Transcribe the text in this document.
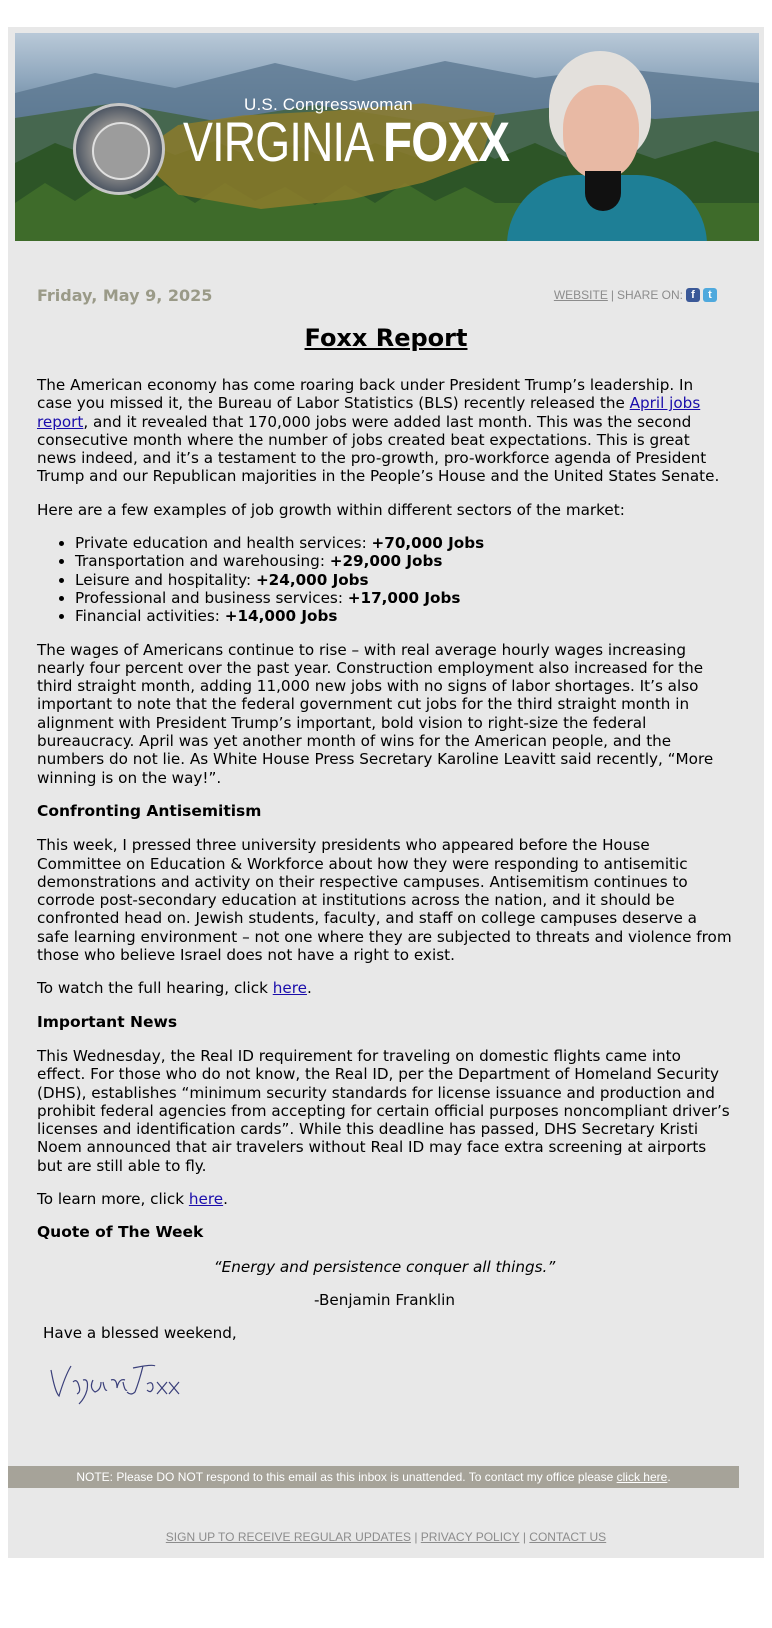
U.S. Congresswoman
VIRGINIA FOXX
Friday, May 9, 2025	WEBSITE | SHARE ON: f	t
Foxx Report

The American economy has come roaring back under President Trump’s leadership. In case you missed it, the Bureau of Labor Statistics (BLS) recently released the April jobs report, and it revealed that 170,000 jobs were added last month. This was the second consecutive month where the number of jobs created beat expectations. This is great news indeed, and it’s a testament to the pro-growth, pro-workforce agenda of President Trump and our Republican majorities in the People’s House and the United States Senate.

Here are a few examples of job growth within different sectors of the market:

• Private education and health services: +70,000 Jobs
• Transportation and warehousing: +29,000 Jobs
• Leisure and hospitality: +24,000 Jobs
• Professional and business services: +17,000 Jobs
• Financial activities: +14,000 Jobs

The wages of Americans continue to rise – with real average hourly wages increasing nearly four percent over the past year. Construction employment also increased for the third straight month, adding 11,000 new jobs with no signs of labor shortages. It’s also important to note that the federal government cut jobs for the third straight month in alignment with President Trump’s important, bold vision to right-size the federal bureaucracy. April was yet another month of wins for the American people, and the numbers do not lie. As White House Press Secretary Karoline Leavitt said recently, “More winning is on the way!”.

Confronting Antisemitism

This week, I pressed three university presidents who appeared before the House Committee on Education & Workforce about how they were responding to antisemitic demonstrations and activity on their respective campuses. Antisemitism continues to corrode post-secondary education at institutions across the nation, and it should be confronted head on. Jewish students, faculty, and staff on college campuses deserve a safe learning environment – not one where they are subjected to threats and violence from those who believe Israel does not have a right to exist.

To watch the full hearing, click here.

Important News

This Wednesday, the Real ID requirement for traveling on domestic flights came into effect. For those who do not know, the Real ID, per the Department of Homeland Security (DHS), establishes “minimum security standards for license issuance and production and prohibit federal agencies from accepting for certain official purposes noncompliant driver’s licenses and identification cards”. While this deadline has passed, DHS Secretary Kristi Noem announced that air travelers without Real ID may face extra screening at airports but are still able to fly.

To learn more, click here.

Quote of The Week

“Energy and persistence conquer all things.”

-Benjamin Franklin

Have a blessed weekend,

SIGN UP TO RECEIVE REGULAR UPDATES | PRIVACY POLICY | CONTACT US
NOTE: Please DO NOT respond to this email as this inbox is unattended. To contact my office please click here.
